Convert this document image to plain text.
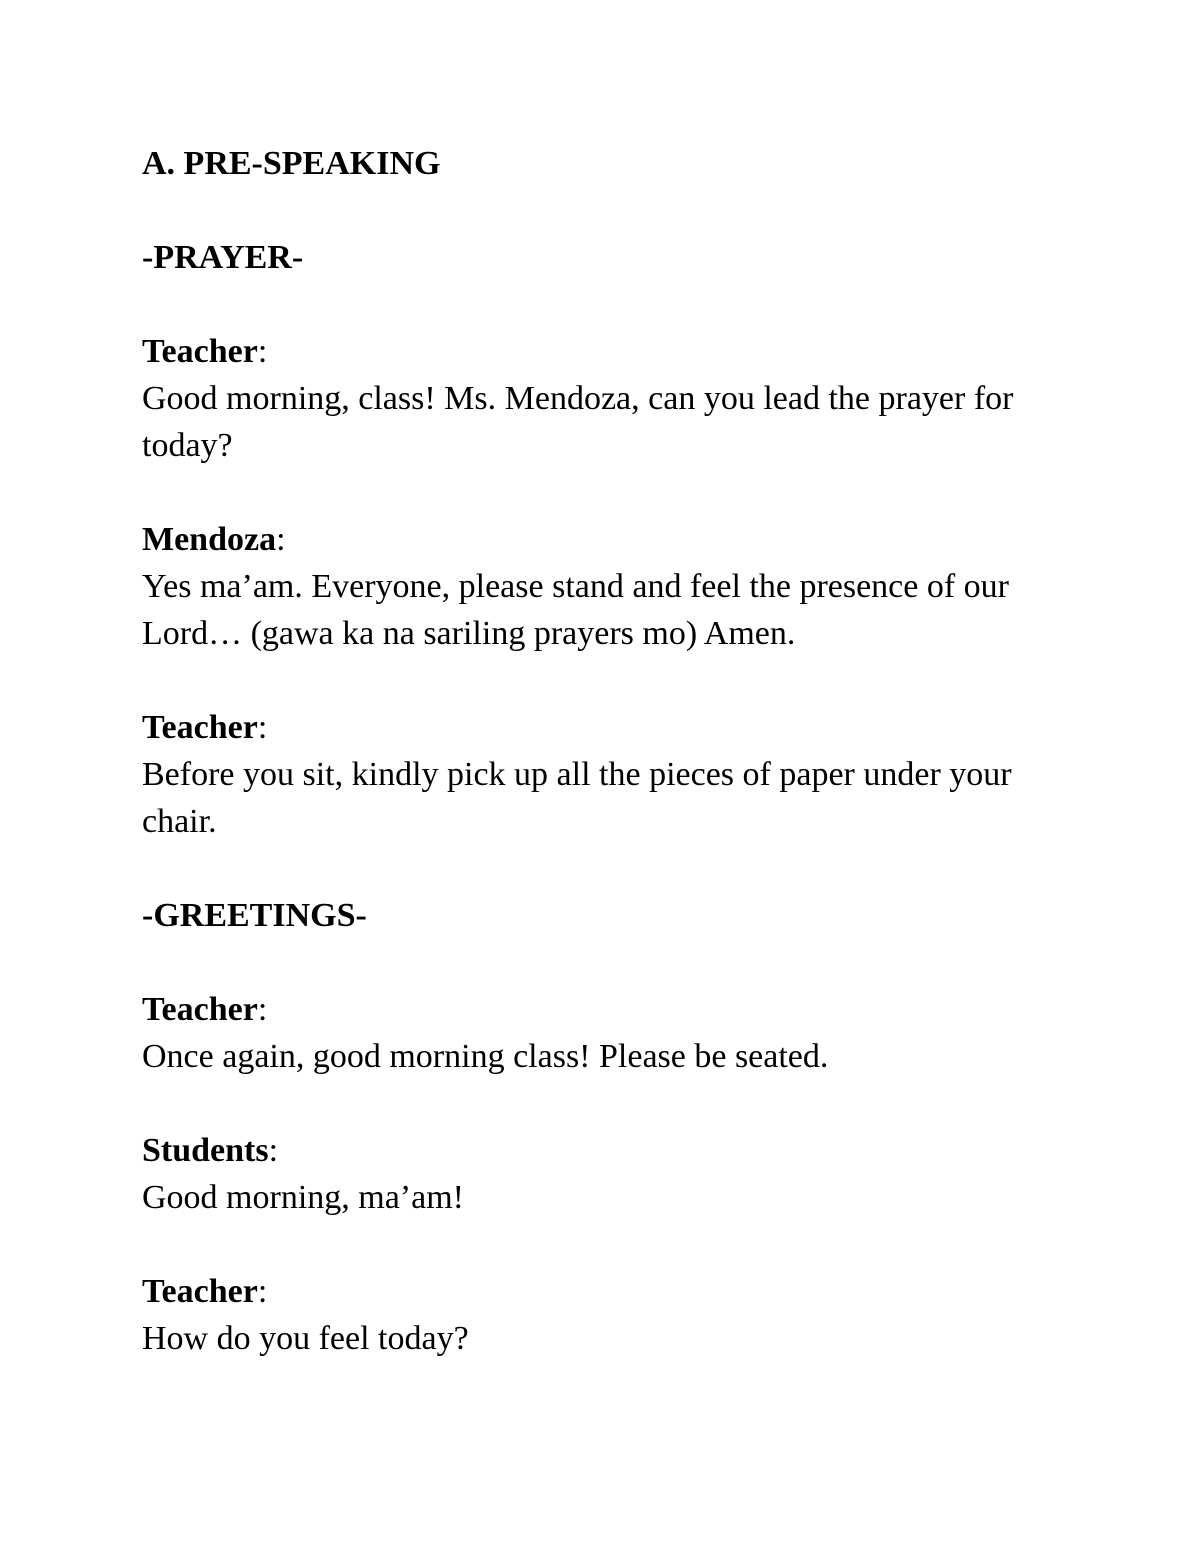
A. PRE-SPEAKING

-PRAYER-

Teacher:

Good morning, class! Ms. Mendoza, can you lead the prayer for

today?

Mendoza:

Yes ma’am. Everyone, please stand and feel the presence of our

Lord… (gawa ka na sariling prayers mo) Amen.

Teacher:

Before you sit, kindly pick up all the pieces of paper under your

chair.

-GREETINGS-

Teacher:

Once again, good morning class! Please be seated.

Students:

Good morning, ma’am!

Teacher:

How do you feel today?
